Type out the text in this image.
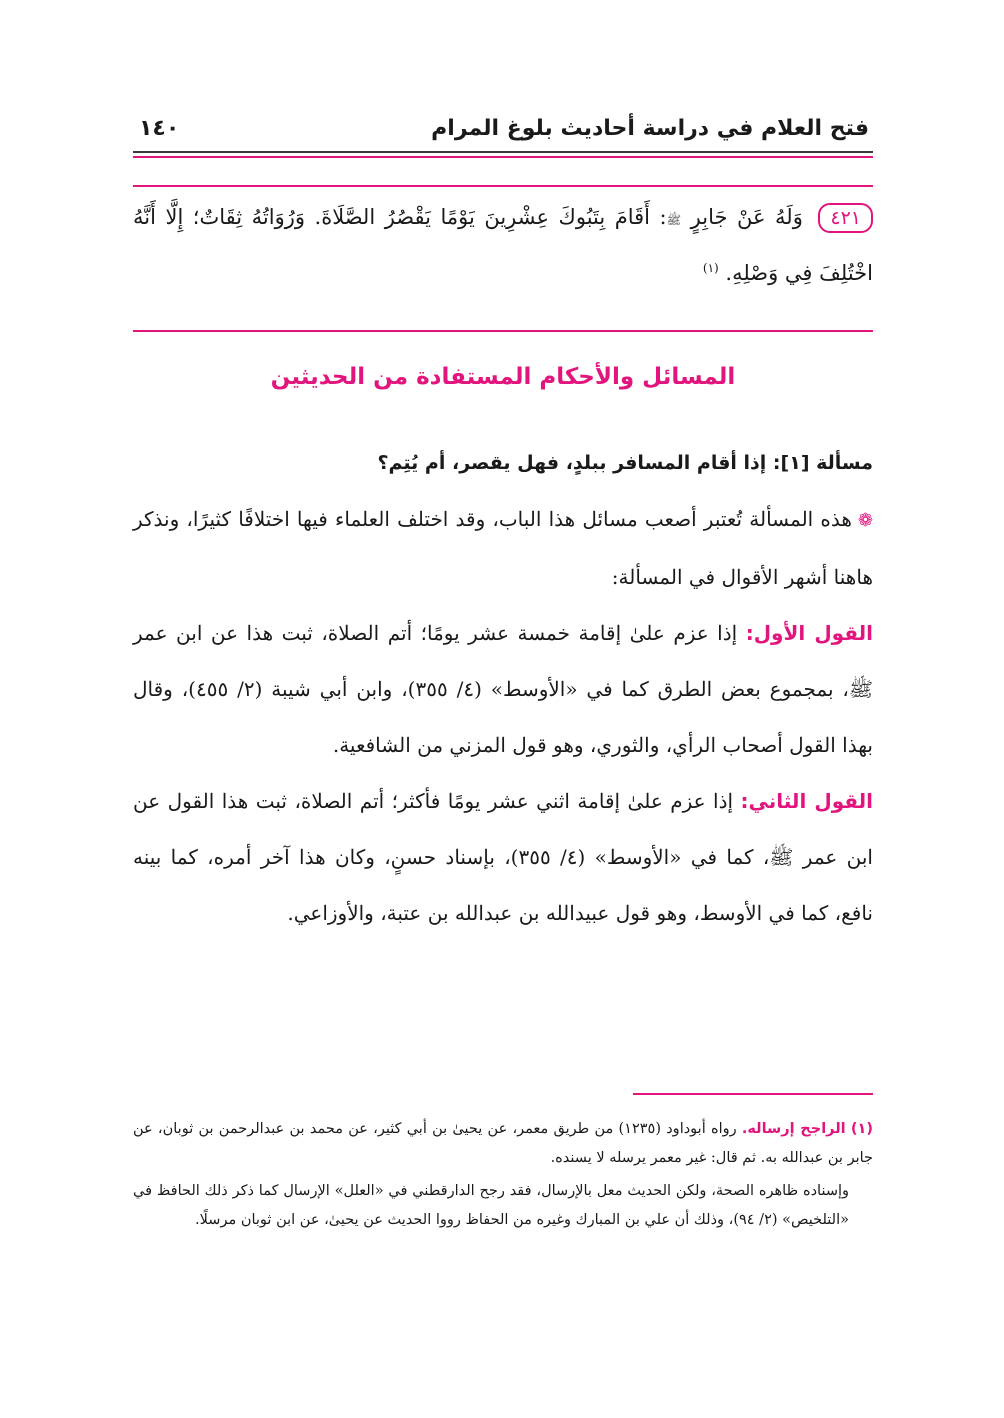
فتح العلام في دراسة أحاديث بلوغ المرام
١٤٠
٤٢١ وَلَهُ عَنْ جَابِرٍ ﷺ: أَقَامَ بِتَبُوكَ عِشْرِينَ يَوْمًا يَقْصُرُ الصَّلَاةَ. وَرُوَاتُهُ ثِقَاتٌ؛ إِلَّا أَنَّهُ اخْتُلِفَ فِي وَصْلِهِ. $^{(١)}$
المسائل والأحكام المستفادة من الحديثين

مسألة [١]: إذا أقام المسافر ببلدٍ، فهل يقصر، أم يُتِم؟

❁هذه المسألة تُعتبر أصعب مسائل هذا الباب، وقد اختلف العلماء فيها اختلافًا كثيرًا، ونذكر هاهنا أشهر الأقوال في المسألة:

القول الأول: إذا عزم علىٰ إقامة خمسة عشر يومًا؛ أتم الصلاة، ثبت هذا عن ابن عمر ﷺ، بمجموع بعض الطرق كما في «الأوسط» (٤/ ٣٥٥)، وابن أبي شيبة (٢/ ٤٥٥)، وقال بهذا القول أصحاب الرأي، والثوري، وهو قول المزني من الشافعية.

القول الثاني: إذا عزم علىٰ إقامة اثني عشر يومًا فأكثر؛ أتم الصلاة، ثبت هذا القول عن ابن عمر ﷺ، كما في «الأوسط» (٤/ ٣٥٥)، بإسناد حسنٍ، وكان هذا آخر أمره، كما بينه نافع، كما في الأوسط، وهو قول عبيدالله بن عبدالله بن عتبة، والأوزاعي.

(١) الراجح إرساله. رواه أبوداود (١٢٣٥) من طريق معمر، عن يحيىٰ بن أبي كثير، عن محمد بن عبدالرحمن بن ثوبان، عن جابر بن عبدالله به. ثم قال: غير معمر يرسله لا يسنده.

وإسناده ظاهره الصحة، ولكن الحديث معل بالإرسال، فقد رجح الدارقطني في «العلل» الإرسال كما ذكر ذلك الحافظ في «التلخيص» (٢/ ٩٤)، وذلك أن علي بن المبارك وغيره من الحفاظ رووا الحديث عن يحيىٰ، عن ابن ثوبان مرسلًا.
